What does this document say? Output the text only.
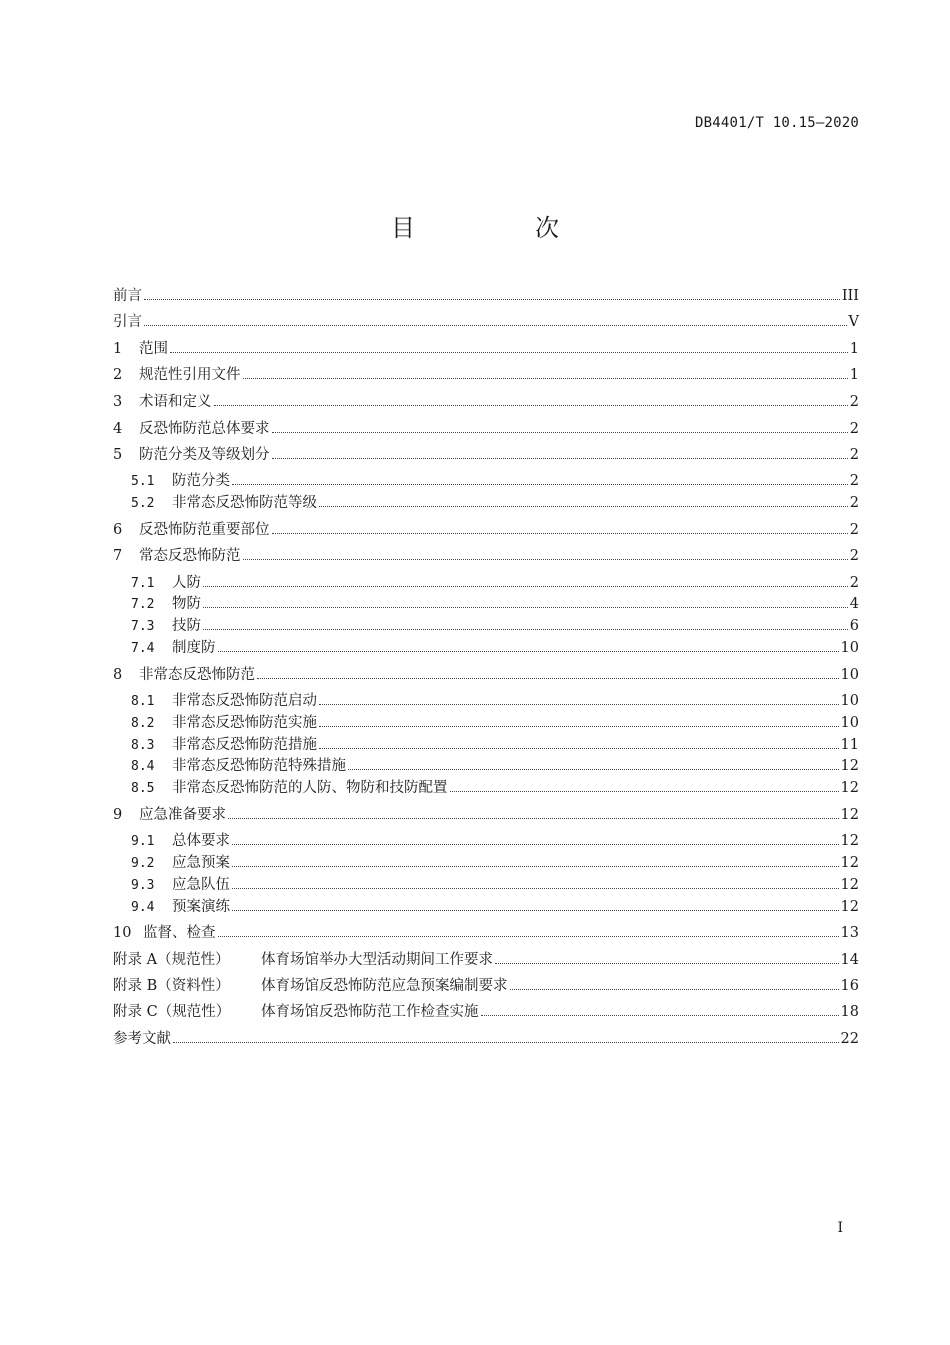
DB4401/T 10.15—2020
目　次
前言	III
引言	V
1	范围	1
2	规范性引用文件	1
3	术语和定义	2
4	反恐怖防范总体要求	2
5	防范分类及等级划分	2
5.1	防范分类	2
5.2	非常态反恐怖防范等级	2
6	反恐怖防范重要部位	2
7	常态反恐怖防范	2
7.1	人防	2
7.2	物防	4
7.3	技防	6
7.4	制度防	10
8	非常态反恐怖防范	10
8.1	非常态反恐怖防范启动	10
8.2	非常态反恐怖防范实施	10
8.3	非常态反恐怖防范措施	11
8.4	非常态反恐怖防范特殊措施	12
8.5	非常态反恐怖防范的人防、物防和技防配置	12
9	应急准备要求	12
9.1	总体要求	12
9.2	应急预案	12
9.3	应急队伍	12
9.4	预案演练	12
10 监督、检查	13
附录 A（规范性）	体育场馆举办大型活动期间工作要求	14
附录 B（资料性）	体育场馆反恐怖防范应急预案编制要求	16
附录 C（规范性）	体育场馆反恐怖防范工作检查实施	18
参考文献	22
I
